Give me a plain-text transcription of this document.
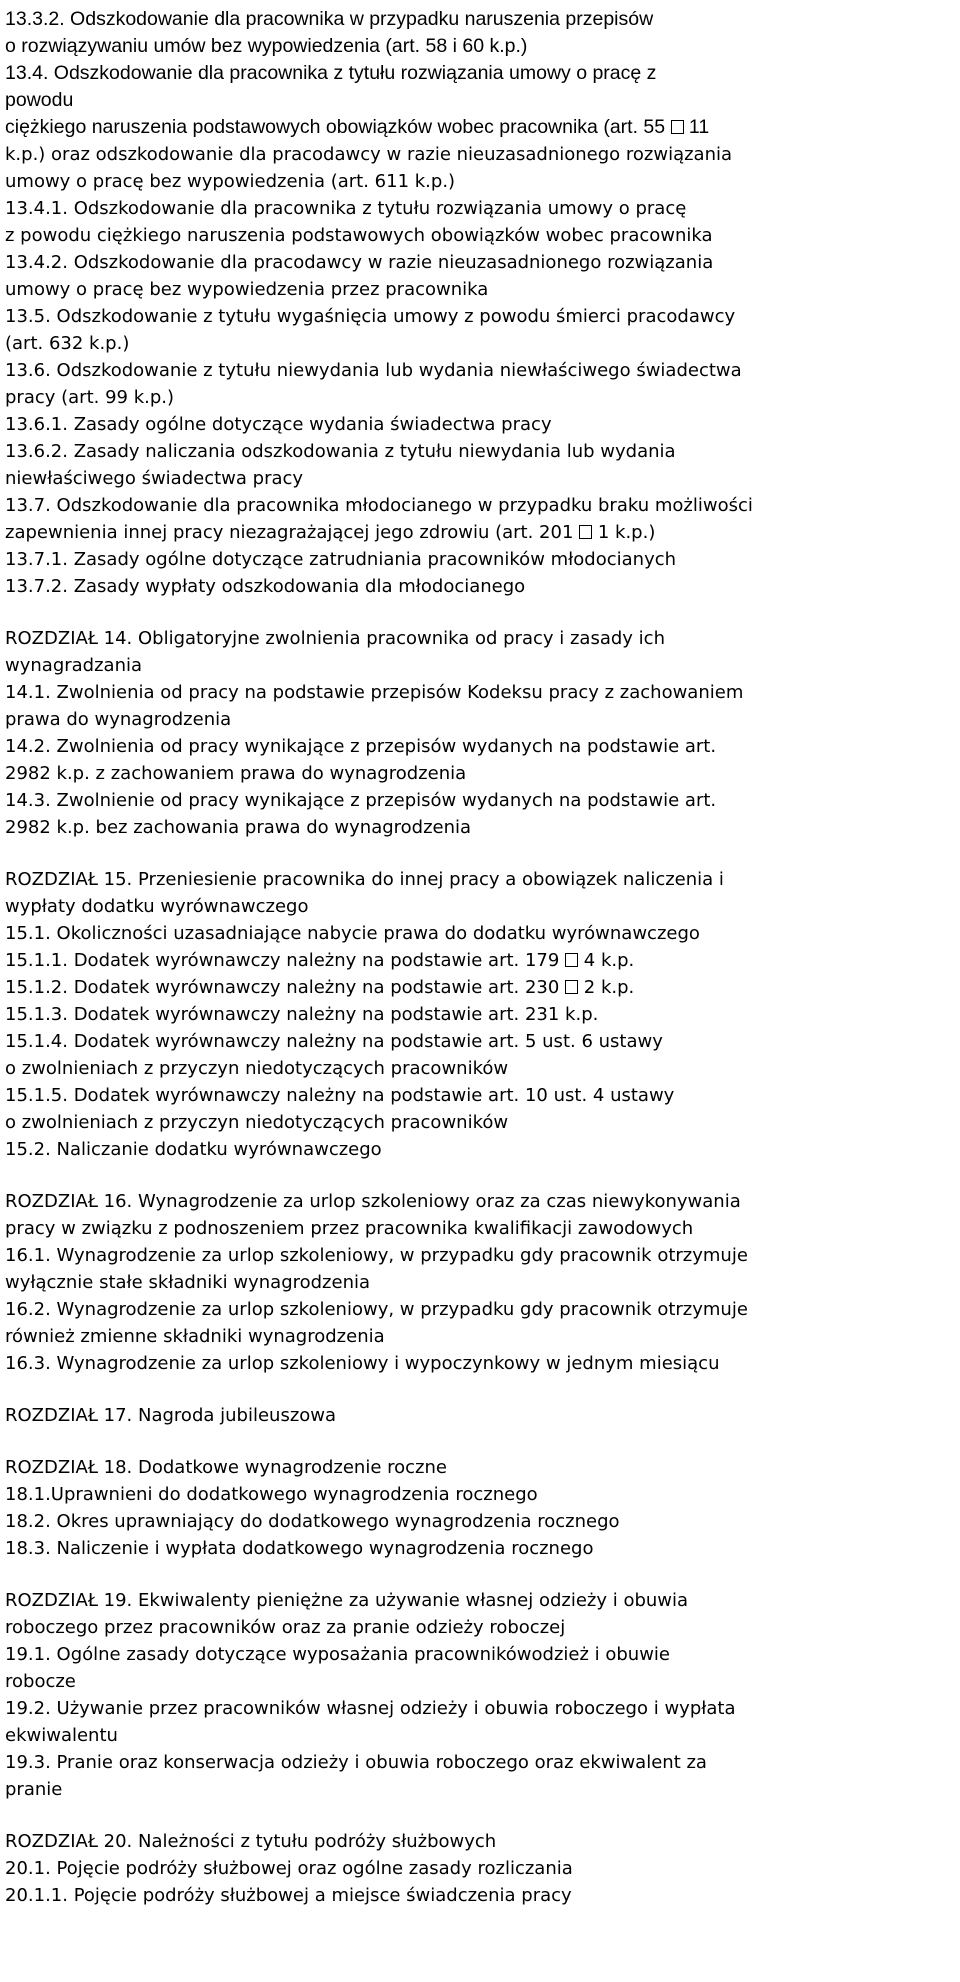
13.3.2. Odszkodowanie dla pracownika w przypadku naruszenia przepisów
o rozwiązywaniu umów bez wypowiedzenia (art. 58 i 60 k.p.)
13.4. Odszkodowanie dla pracownika z tytułu rozwiązania umowy o pracę z
powodu
ciężkiego naruszenia podstawowych obowiązków wobec pracownika (art. 55  11
k.p.) oraz odszkodowanie dla pracodawcy w razie nieuzasadnionego rozwiązania
umowy o pracę bez wypowiedzenia (art. 611 k.p.)
13.4.1. Odszkodowanie dla pracownika z tytułu rozwiązania umowy o pracę
z powodu ciężkiego naruszenia podstawowych obowiązków wobec pracownika
13.4.2. Odszkodowanie dla pracodawcy w razie nieuzasadnionego rozwiązania
umowy o pracę bez wypowiedzenia przez pracownika
13.5. Odszkodowanie z tytułu wygaśnięcia umowy z powodu śmierci pracodawcy
(art. 632 k.p.)
13.6. Odszkodowanie z tytułu niewydania lub wydania niewłaściwego świadectwa
pracy (art. 99 k.p.)
13.6.1. Zasady ogólne dotyczące wydania świadectwa pracy
13.6.2. Zasady naliczania odszkodowania z tytułu niewydania lub wydania
niewłaściwego świadectwa pracy
13.7. Odszkodowanie dla pracownika młodocianego w przypadku braku możliwości
zapewnienia innej pracy niezagrażającej jego zdrowiu (art. 201  1 k.p.)
13.7.1. Zasady ogólne dotyczące zatrudniania pracowników młodocianych
13.7.2. Zasady wypłaty odszkodowania dla młodocianego
ROZDZIAŁ 14. Obligatoryjne zwolnienia pracownika od pracy i zasady ich
wynagradzania
14.1. Zwolnienia od pracy na podstawie przepisów Kodeksu pracy z zachowaniem
prawa do wynagrodzenia
14.2. Zwolnienia od pracy wynikające z przepisów wydanych na podstawie art.
2982 k.p. z zachowaniem prawa do wynagrodzenia
14.3. Zwolnienie od pracy wynikające z przepisów wydanych na podstawie art.
2982 k.p. bez zachowania prawa do wynagrodzenia
ROZDZIAŁ 15. Przeniesienie pracownika do innej pracy a obowiązek naliczenia i
wypłaty dodatku wyrównawczego
15.1. Okoliczności uzasadniające nabycie prawa do dodatku wyrównawczego
15.1.1. Dodatek wyrównawczy należny na podstawie art. 179  4 k.p.
15.1.2. Dodatek wyrównawczy należny na podstawie art. 230  2 k.p.
15.1.3. Dodatek wyrównawczy należny na podstawie art. 231 k.p.
15.1.4. Dodatek wyrównawczy należny na podstawie art. 5 ust. 6 ustawy
o zwolnieniach z przyczyn niedotyczących pracowników
15.1.5. Dodatek wyrównawczy należny na podstawie art. 10 ust. 4 ustawy
o zwolnieniach z przyczyn niedotyczących pracowników
15.2. Naliczanie dodatku wyrównawczego
ROZDZIAŁ 16. Wynagrodzenie za urlop szkoleniowy oraz za czas niewykonywania
pracy w związku z podnoszeniem przez pracownika kwalifikacji zawodowych
16.1. Wynagrodzenie za urlop szkoleniowy, w przypadku gdy pracownik otrzymuje
wyłącznie stałe składniki wynagrodzenia
16.2. Wynagrodzenie za urlop szkoleniowy, w przypadku gdy pracownik otrzymuje
również zmienne składniki wynagrodzenia
16.3. Wynagrodzenie za urlop szkoleniowy i wypoczynkowy w jednym miesiącu
ROZDZIAŁ 17. Nagroda jubileuszowa
ROZDZIAŁ 18. Dodatkowe wynagrodzenie roczne
18.1.Uprawnieni do dodatkowego wynagrodzenia rocznego
18.2. Okres uprawniający do dodatkowego wynagrodzenia rocznego
18.3. Naliczenie i wypłata dodatkowego wynagrodzenia rocznego
ROZDZIAŁ 19. Ekwiwalenty pieniężne za używanie własnej odzieży i obuwia
roboczego przez pracowników oraz za pranie odzieży roboczej
19.1. Ogólne zasady dotyczące wyposażania pracownikówodzież i obuwie
robocze
19.2. Używanie przez pracowników własnej odzieży i obuwia roboczego i wypłata
ekwiwalentu
19.3. Pranie oraz konserwacja odzieży i obuwia roboczego oraz ekwiwalent za
pranie
ROZDZIAŁ 20. Należności z tytułu podróży służbowych
20.1. Pojęcie podróży służbowej oraz ogólne zasady rozliczania
20.1.1. Pojęcie podróży służbowej a miejsce świadczenia pracy
